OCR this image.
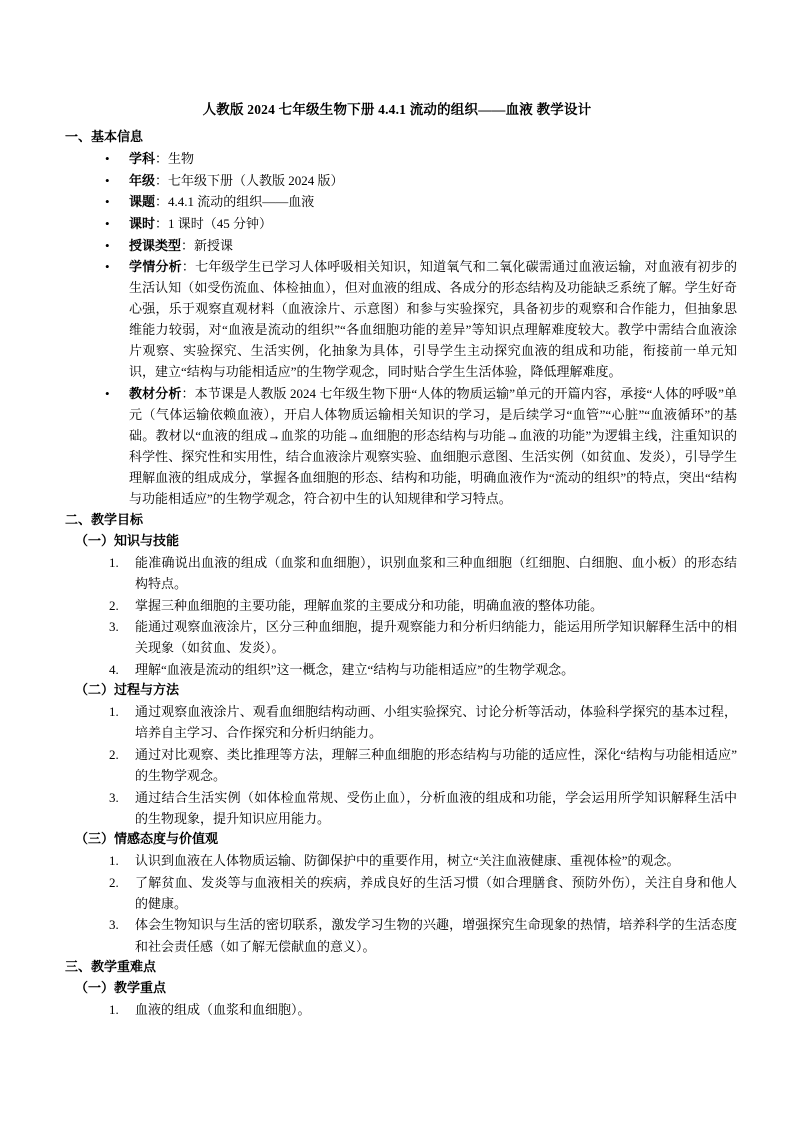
人教版 2024 七年级生物下册 4.4.1 流动的组织——血液 教学设计
一、基本信息
• 学科：生物
• 年级：七年级下册（人教版 2024 版）
• 课题：4.4.1 流动的组织——血液
• 课时：1 课时（45 分钟）
• 授课类型：新授课
• 学情分析：七年级学生已学习人体呼吸相关知识，知道氧气和二氧化碳需通过血液运输，对血液有初步的生活认知（如受伤流血、体检抽血），但对血液的组成、各成分的形态结构及功能缺乏系统了解。学生好奇心强，乐于观察直观材料（血液涂片、示意图）和参与实验探究，具备初步的观察和合作能力，但抽象思维能力较弱，对“血液是流动的组织”“各血细胞功能的差异”等知识点理解难度较大。教学中需结合血液涂片观察、实验探究、生活实例，化抽象为具体，引导学生主动探究血液的组成和功能，衔接前一单元知识，建立“结构与功能相适应”的生物学观念，同时贴合学生生活体验，降低理解难度。
• 教材分析：本节课是人教版 2024 七年级生物下册“人体的物质运输”单元的开篇内容，承接“人体的呼吸”单元（气体运输依赖血液），开启人体物质运输相关知识的学习，是后续学习“血管”“心脏”“血液循环”的基础。教材以“血液的组成→血浆的功能→血细胞的形态结构与功能→血液的功能”为逻辑主线，注重知识的科学性、探究性和实用性，结合血液涂片观察实验、血细胞示意图、生活实例（如贫血、发炎），引导学生理解血液的组成成分，掌握各血细胞的形态、结构和功能，明确血液作为“流动的组织”的特点，突出“结构与功能相适应”的生物学观念，符合初中生的认知规律和学习特点。
二、教学目标
（一）知识与技能
能准确说出血液的组成（血浆和血细胞），识别血浆和三种血细胞（红细胞、白细胞、血小板）的形态结构特点。
掌握三种血细胞的主要功能，理解血浆的主要成分和功能，明确血液的整体功能。
能通过观察血液涂片，区分三种血细胞，提升观察能力和分析归纳能力，能运用所学知识解释生活中的相关现象（如贫血、发炎）。
理解“血液是流动的组织”这一概念，建立“结构与功能相适应”的生物学观念。
（二）过程与方法
通过观察血液涂片、观看血细胞结构动画、小组实验探究、讨论分析等活动，体验科学探究的基本过程，培养自主学习、合作探究和分析归纳能力。
通过对比观察、类比推理等方法，理解三种血细胞的形态结构与功能的适应性，深化“结构与功能相适应”的生物学观念。
通过结合生活实例（如体检血常规、受伤止血），分析血液的组成和功能，学会运用所学知识解释生活中的生物现象，提升知识应用能力。
（三）情感态度与价值观
认识到血液在人体物质运输、防御保护中的重要作用，树立“关注血液健康、重视体检”的观念。
了解贫血、发炎等与血液相关的疾病，养成良好的生活习惯（如合理膳食、预防外伤），关注自身和他人的健康。
体会生物知识与生活的密切联系，激发学习生物的兴趣，增强探究生命现象的热情，培养科学的生活态度和社会责任感（如了解无偿献血的意义）。
三、教学重难点
（一）教学重点
血液的组成（血浆和血细胞）。
